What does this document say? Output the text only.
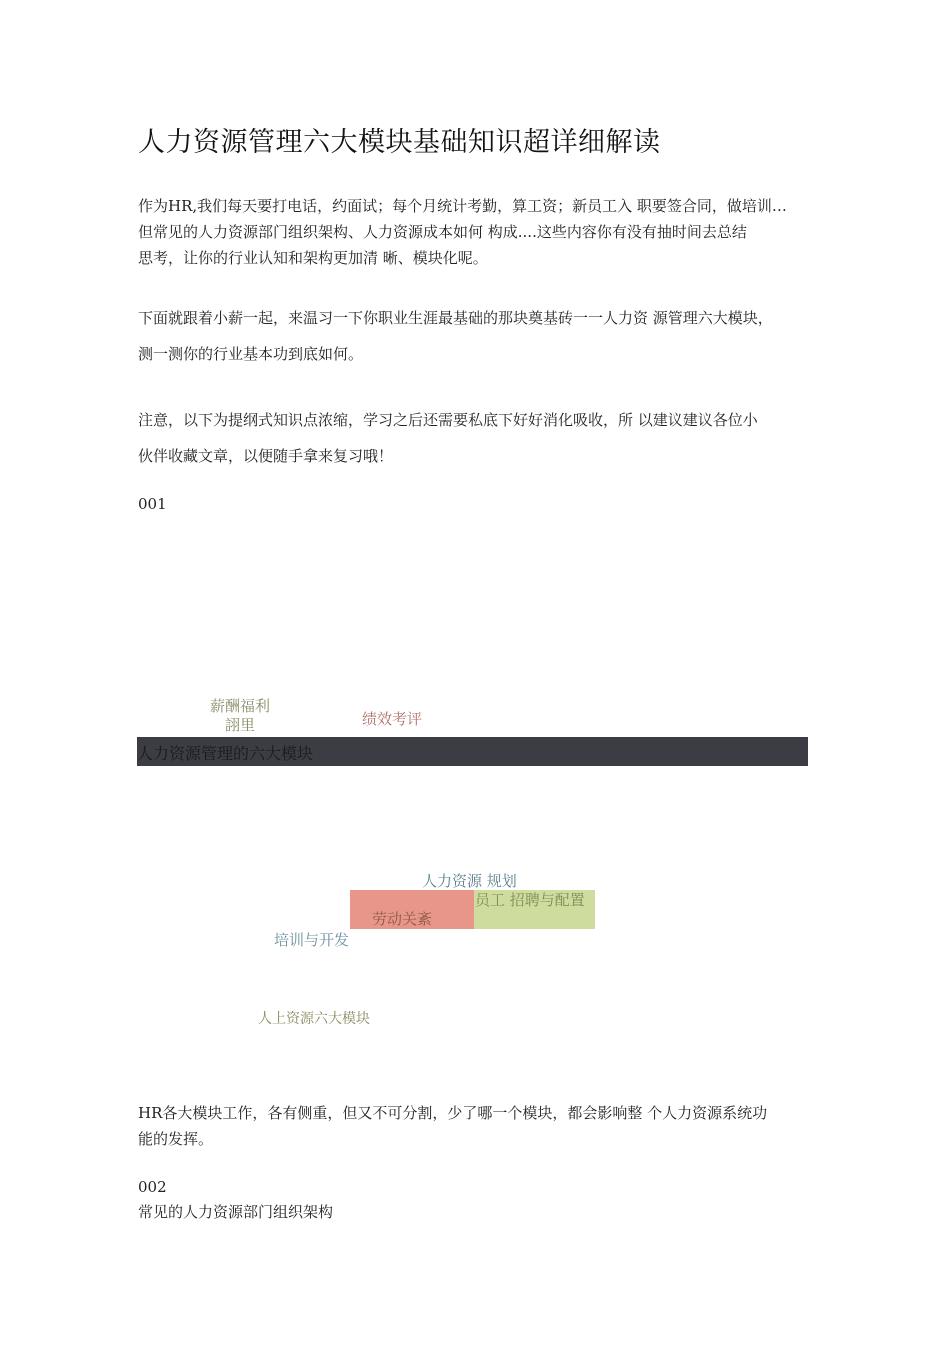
人力资源管理六大模块基础知识超详细解读
作为HR,我们每天要打电话，约面试；每个月统计考勤，算工资；新员工入 职要签合同，做培训…
但常见的人力资源部门组织架构、人力资源成本如何 构成....这些内容你有没有抽时间去总结
思考，让你的行业认知和架构更加清 晰、模块化呢。
下面就跟着小薪一起，来温习一下你职业生涯最基础的那块奠基砖一一人力资 源管理六大模块，
测一测你的行业基本功到底如何。
注意，以下为提纲式知识点浓缩，学习之后还需要私底下好好消化吸收，所 以建议建议各位小
伙伴收藏文章，以便随手拿来复习哦！
001
薪酬福利
詡里	绩效考评
人力资源管理的六大模块
人力资源 规划
员工 招聘与配置
劳动关紊
培训与开发
人上资源六大模块
HR各大模块工作，各有侧重，但又不可分割，少了哪一个模块，都会影响整 个人力资源系统功
能的发挥。
002
常见的人力资源部门组织架构
